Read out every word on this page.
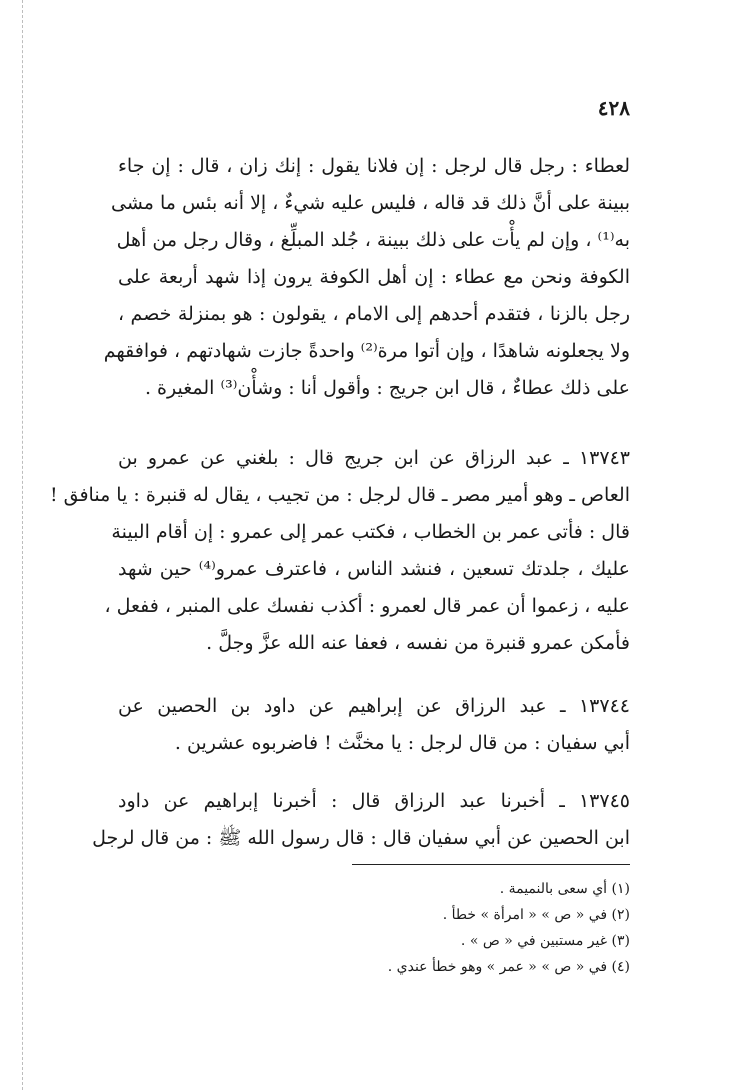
٤٢٨
لعطاء : رجل قال لرجل : إن فلانا يقول : إنك زان ، قال : إن جاء
ببينة على أنَّ ذلك قد قاله ، فليس عليه شيءٌ ، إلا أنه بئس ما مشى
به⁽¹⁾ ، وإن لم يأْت على ذلك ببينة ، جُلد المبلِّغ ، وقال رجل من أهل
الكوفة ونحن مع عطاء : إن أهل الكوفة يرون إذا شهد أربعة على
رجل بالزنا ، فتقدم أحدهم إلى الامام ، يقولون : هو بمنزلة خصم ،
ولا يجعلونه شاهدًا ، وإن أتوا مرة⁽²⁾ واحدةً جازت شهادتهم ، فوافقهم
على ذلك عطاءٌ ، قال ابن جريج : وأقول أنا : وشأْن⁽³⁾ المغيرة .
١٣٧٤٣ ـ عبد الرزاق عن ابن جريج قال : بلغني عن عمرو بن
العاص ـ وهو أمير مصر ـ قال لرجل : من تجيب ، يقال له قنبرة : يا منافق !
قال : فأتى عمر بن الخطاب ، فكتب عمر إلى عمرو : إن أقام البينة
عليك ، جلدتك تسعين ، فنشد الناس ، فاعترف عمرو⁽⁴⁾ حين شهد
عليه ، زعموا أن عمر قال لعمرو : أكذب نفسك على المنبر ، ففعل ،
فأمكن عمرو قنبرة من نفسه ، فعفا عنه الله عزَّ وجلَّ .
١٣٧٤٤ ـ عبد الرزاق عن إبراهيم عن داود بن الحصين عن
أبي سفيان : من قال لرجل : يا مخنَّث ! فاضربوه عشرين .
١٣٧٤٥ ـ أخبرنا عبد الرزاق قال : أخبرنا إبراهيم عن داود
ابن الحصين عن أبي سفيان قال : قال رسول الله ﷺ : من قال لرجل
(١) أي سعى بالنميمة .
(٢) في « ص » « امرأة » خطأ .
(٣) غير مستبين في « ص » .
(٤) في « ص » « عمر » وهو خطأ عندي .
